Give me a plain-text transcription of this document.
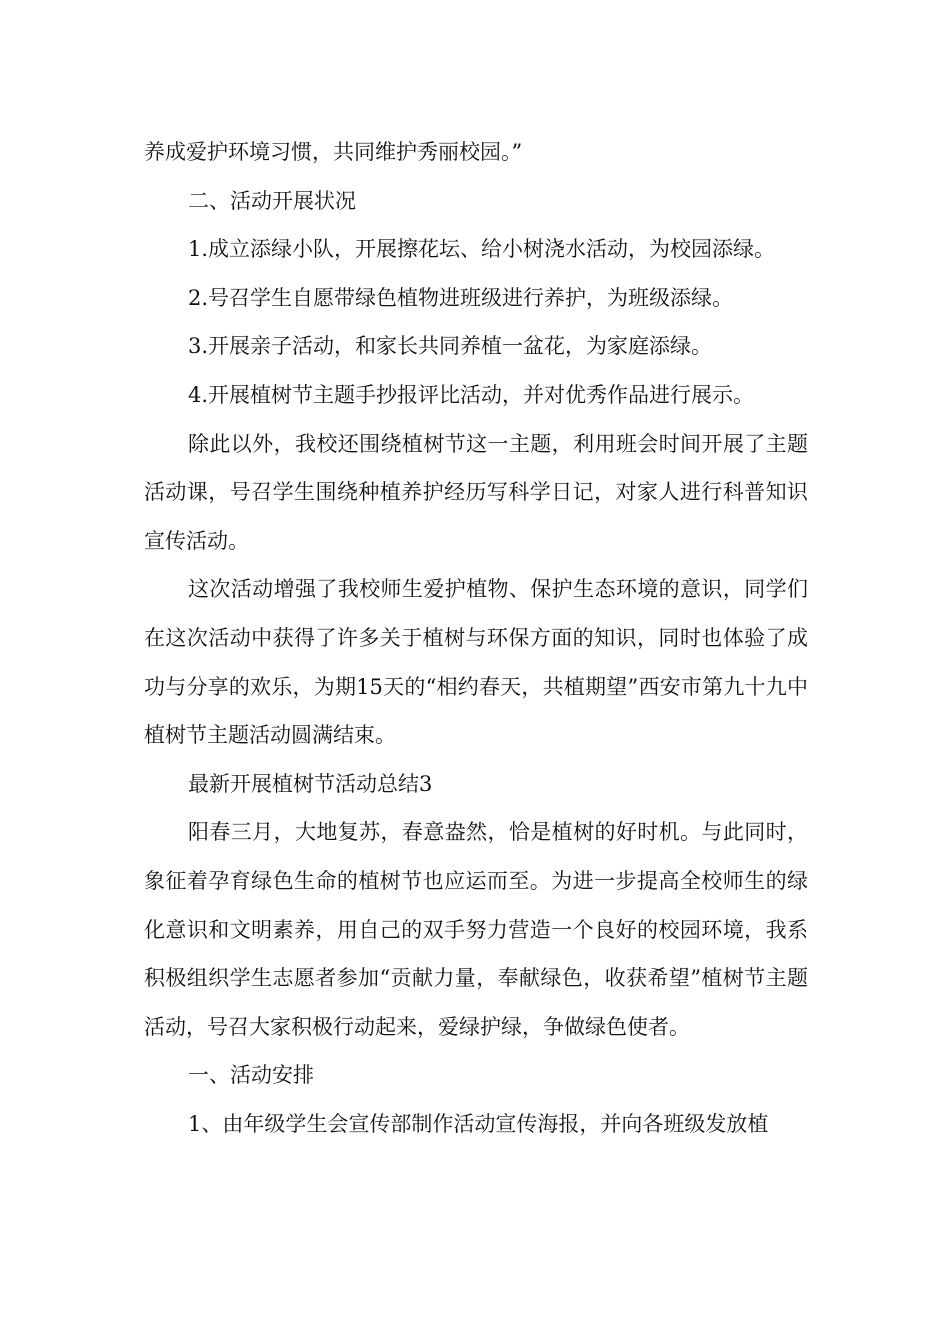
养成爱护环境习惯，共同维护秀丽校园。”

二、活动开展状况

1.成立添绿小队，开展擦花坛、给小树浇水活动，为校园添绿。

2.号召学生自愿带绿色植物进班级进行养护，为班级添绿。

3.开展亲子活动，和家长共同养植一盆花，为家庭添绿。

4.开展植树节主题手抄报评比活动，并对优秀作品进行展示。

除此以外，我校还围绕植树节这一主题，利用班会时间开展了主题活动课，号召学生围绕种植养护经历写科学日记，对家人进行科普知识宣传活动。

这次活动增强了我校师生爱护植物、保护生态环境的意识，同学们在这次活动中获得了许多关于植树与环保方面的知识，同时也体验了成功与分享的欢乐，为期15天的“相约春天，共植期望”西安市第九十九中植树节主题活动圆满结束。

最新开展植树节活动总结3

阳春三月，大地复苏，春意盎然，恰是植树的好时机。与此同时，象征着孕育绿色生命的植树节也应运而至。为进一步提高全校师生的绿化意识和文明素养，用自己的双手努力营造一个良好的校园环境，我系积极组织学生志愿者参加“贡献力量，奉献绿色，收获希望”植树节主题活动，号召大家积极行动起来，爱绿护绿，争做绿色使者。

一、活动安排

1、由年级学生会宣传部制作活动宣传海报，并向各班级发放植
